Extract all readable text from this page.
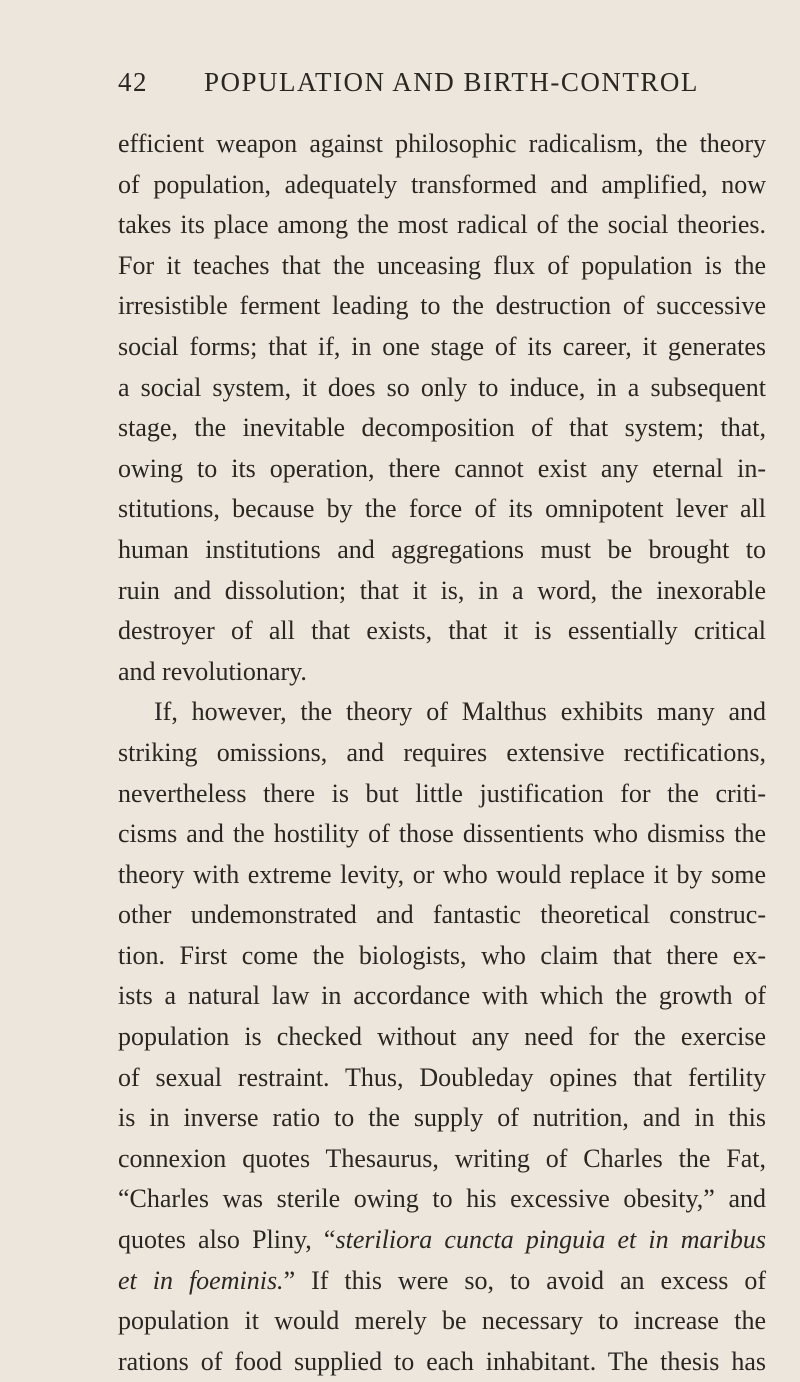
42 POPULATION AND BIRTH-CONTROL
efficient weapon against philosophic radicalism, the theory
of population, adequately transformed and amplified, now
takes its place among the most radical of the social theories.
For it teaches that the unceasing flux of population is the
irresistible ferment leading to the destruction of successive
social forms; that if, in one stage of its career, it generates
a social system, it does so only to induce, in a subsequent
stage, the inevitable decomposition of that system; that,
owing to its operation, there cannot exist any eternal in-
stitutions, because by the force of its omnipotent lever all
human institutions and aggregations must be brought to
ruin and dissolution; that it is, in a word, the inexorable
destroyer of all that exists, that it is essentially critical
and revolutionary.
If, however, the theory of Malthus exhibits many and
striking omissions, and requires extensive rectifications,
nevertheless there is but little justification for the criti-
cisms and the hostility of those dissentients who dismiss the
theory with extreme levity, or who would replace it by some
other undemonstrated and fantastic theoretical construc-
tion. First come the biologists, who claim that there ex-
ists a natural law in accordance with which the growth of
population is checked without any need for the exercise
of sexual restraint. Thus, Doubleday opines that fertility
is in inverse ratio to the supply of nutrition, and in this
connexion quotes Thesaurus, writing of Charles the Fat,
“Charles was sterile owing to his excessive obesity,” and
quotes also Pliny, “steriliora cuncta pinguia et in maribus
et in foeminis.” If this were so, to avoid an excess of
population it would merely be necessary to increase the
rations of food supplied to each inhabitant. The thesis has
